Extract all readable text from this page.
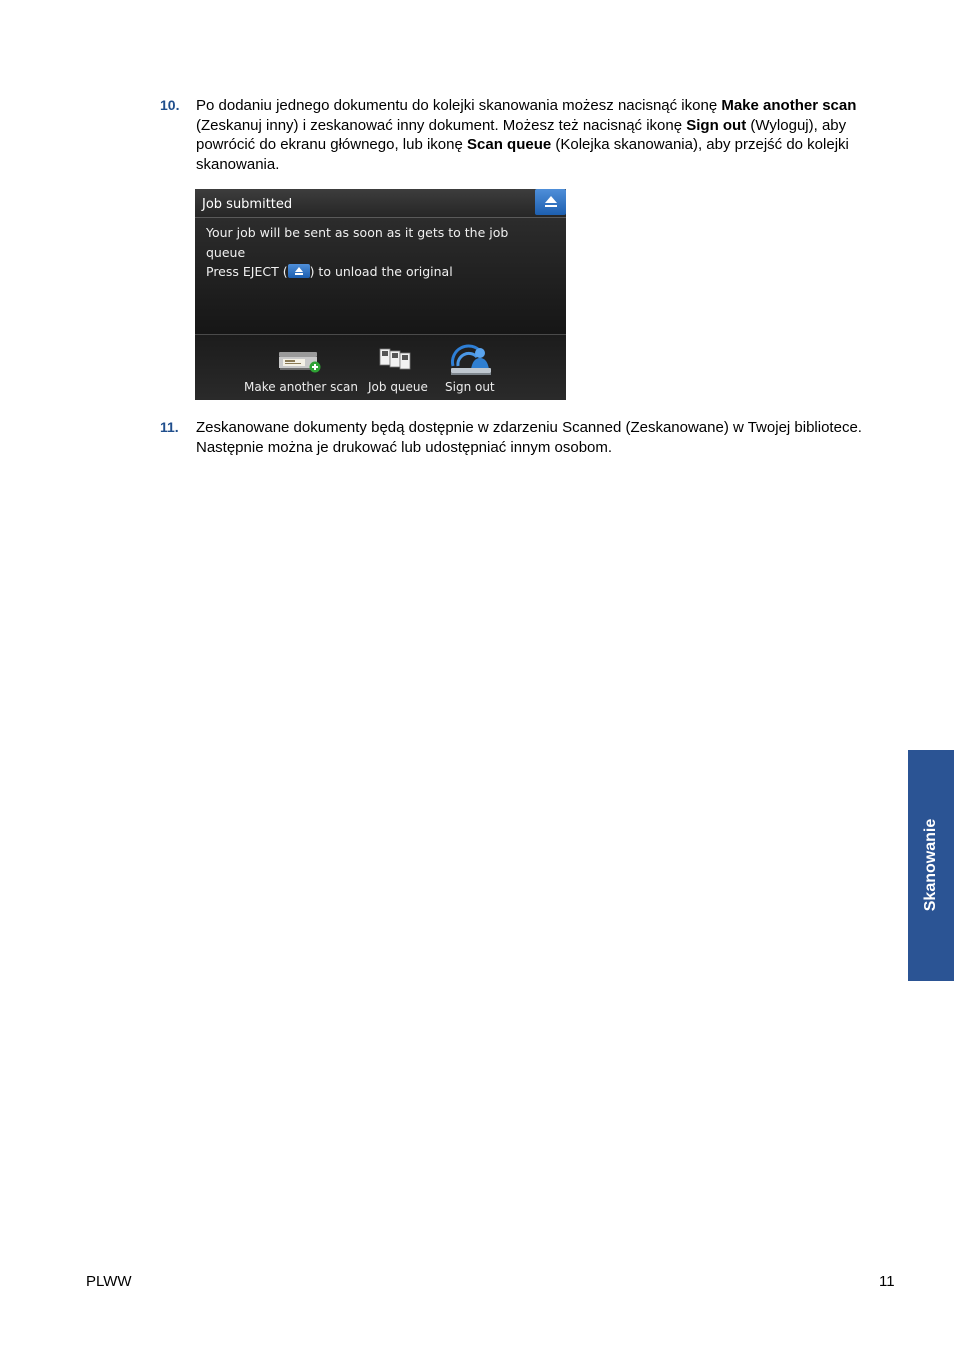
10. Po dodaniu jednego dokumentu do kolejki skanowania możesz nacisnąć ikonę Make another scan (Zeskanuj inny) i zeskanować inny dokument. Możesz też nacisnąć ikonę Sign out (Wyloguj), aby powrócić do ekranu głównego, lub ikonę Scan queue (Kolejka skanowania), aby przejść do kolejki skanowania.
Job submitted
Your job will be sent as soon as it gets to the job
queue
Press EJECT ( ) to unload the original
Make another scan Job queue Sign out
11. Zeskanowane dokumenty będą dostępnie w zdarzeniu Scanned (Zeskanowane) w Twojej bibliotece. Następnie można je drukować lub udostępniać innym osobom.
Skanowanie
PLWW	11
